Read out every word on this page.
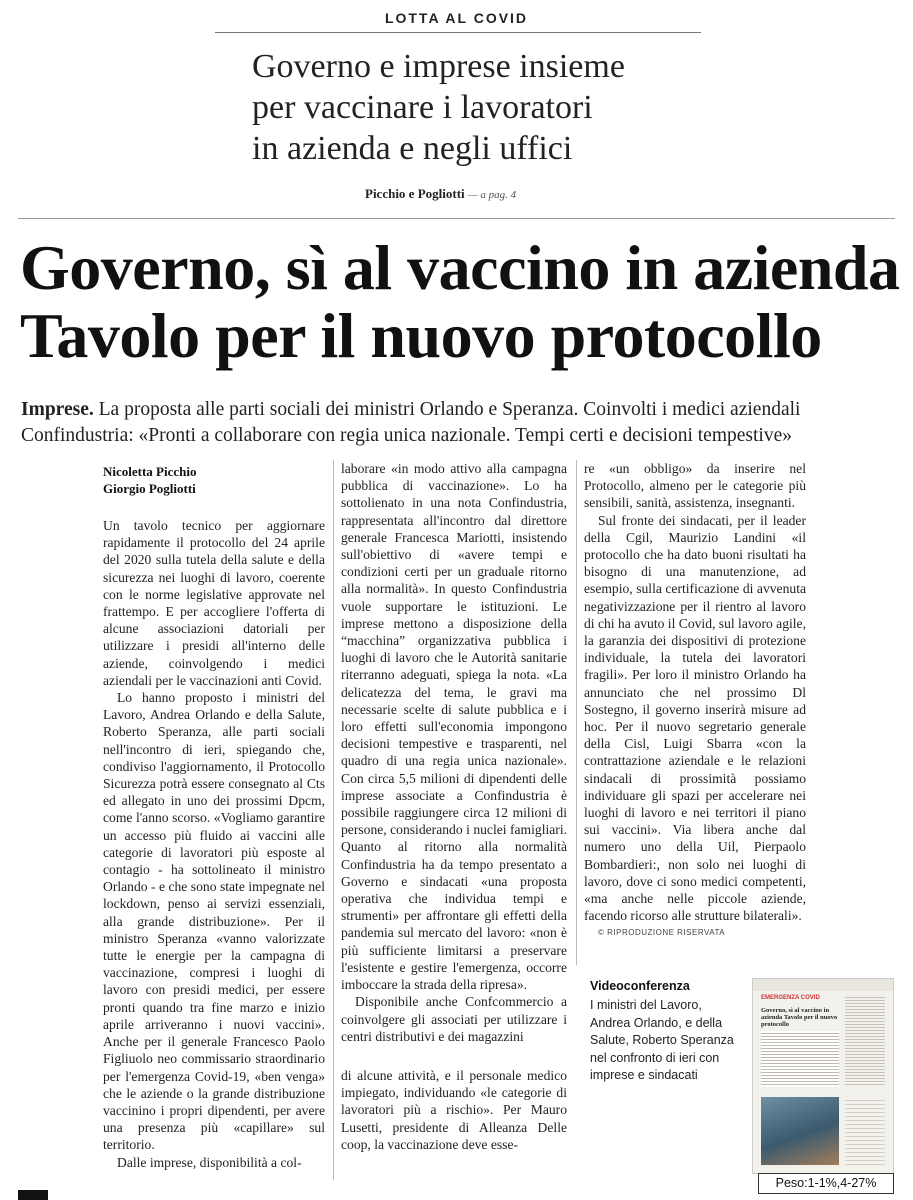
LOTTA AL COVID
Governo e imprese insieme
per vaccinare i lavoratori
in azienda e negli uffici
Picchio e Pogliotti — a pag. 4
Governo, sì al vaccino in azienda
Tavolo per il nuovo protocollo
Imprese. La proposta alle parti sociali dei ministri Orlando e Speranza. Coinvolti i medici aziendali
Confindustria: «Pronti a collaborare con regia unica nazionale. Tempi certi e decisioni tempestive»
Nicoletta Picchio
Giorgio Pogliotti

Un tavolo tecnico per aggiornare rapidamente il protocollo del 24 aprile del 2020 sulla tutela della salute e della sicurezza nei luoghi di lavoro, coerente con le norme legislative approvate nel frattempo. E per accogliere l'offerta di alcune associazioni datoriali per utilizzare i presidi all'interno delle aziende, coinvolgendo i medici aziendali per le vaccinazioni anti Covid.

Lo hanno proposto i ministri del Lavoro, Andrea Orlando e della Salute, Roberto Speranza, alle parti sociali nell'incontro di ieri, spiegando che, condiviso l'aggiornamento, il Protocollo Sicurezza potrà essere consegnato al Cts ed allegato in uno dei prossimi Dpcm, come l'anno scorso. «Vogliamo garantire un accesso più fluido ai vaccini alle categorie di lavoratori più esposte al contagio - ha sottolineato il ministro Orlando - e che sono state impegnate nel lockdown, penso ai servizi essenziali, alla grande distribuzione». Per il ministro Speranza «vanno valorizzate tutte le energie per la campagna di vaccinazione, compresi i luoghi di lavoro con presidi medici, per essere pronti quando tra fine marzo e inizio aprile arriveranno i nuovi vaccini». Anche per il generale Francesco Paolo Figliuolo neo commissario straordinario per l'emergenza Covid-19, «ben venga» che le aziende o la grande distribuzione vaccinino i propri dipendenti, per avere una presenza più «capillare» sul territorio.

Dalle imprese, disponibilità a col-

laborare «in modo attivo alla campagna pubblica di vaccinazione». Lo ha sottolienato in una nota Confindustria, rappresentata all'incontro dal direttore generale Francesca Mariotti, insistendo sull'obiettivo di «avere tempi e condizioni certi per un graduale ritorno alla normalità». In questo Confindustria vuole supportare le istituzioni. Le imprese mettono a disposizione della “macchina” organizzativa pubblica i luoghi di lavoro che le Autorità sanitarie riterranno adeguati, spiega la nota. «La delicatezza del tema, le gravi ma necessarie scelte di salute pubblica e i loro effetti sull'economia impongono decisioni tempestive e trasparenti, nel quadro di una regia unica nazionale». Con circa 5,5 milioni di dipendenti delle imprese associate a Confindustria è possibile raggiungere circa 12 milioni di persone, considerando i nuclei famigliari. Quanto al ritorno alla normalità Confindustria ha da tempo presentato a Governo e sindacati «una proposta operativa che individua tempi e strumenti» per affrontare gli effetti della pandemia sul mercato del lavoro: «non è più sufficiente limitarsi a preservare l'esistente e gestire l'emergenza, occorre imboccare la strada della ripresa».

Disponibile anche Confcommercio a coinvolgere gli associati per utilizzare i centri distributivi e dei magazzini

di alcune attività, e il personale medico impiegato, individuando «le categorie di lavoratori più a rischio». Per Mauro Lusetti, presidente di Alleanza Delle coop, la vaccinazione deve esse-

re «un obbligo» da inserire nel Protocollo, almeno per le categorie più sensibili, sanità, assistenza, insegnanti.

Sul fronte dei sindacati, per il leader della Cgil, Maurizio Landini «il protocollo che ha dato buoni risultati ha bisogno di una manutenzione, ad esempio, sulla certificazione di avvenuta negativizzazione per il rientro al lavoro di chi ha avuto il Covid, sul lavoro agile, la garanzia dei dispositivi di protezione individuale, la tutela dei lavoratori fragili». Per loro il ministro Orlando ha annunciato che nel prossimo Dl Sostegno, il governo inserirà misure ad hoc. Per il nuovo segretario generale della Cisl, Luigi Sbarra «con la contrattazione aziendale e le relazioni sindacali di prossimità possiamo individuare gli spazi per accelerare nei luoghi di lavoro e nei territori il piano sui vaccini». Via libera anche dal numero uno della Uil, Pierpaolo Bombardieri:, non solo nei luoghi di lavoro, dove ci sono medici competenti, «ma anche nelle piccole aziende, facendo ricorso alle strutture bilaterali».

© RIPRODUZIONE RISERVATA

Videoconferenza
I ministri del Lavoro, Andrea Orlando, e della Salute, Roberto Speranza nel confronto di ieri con imprese e sindacati
EMERGENZA COVID
Governo, sì al vaccino in azienda Tavolo per il nuovo protocollo
Peso:1-1%,4-27%
